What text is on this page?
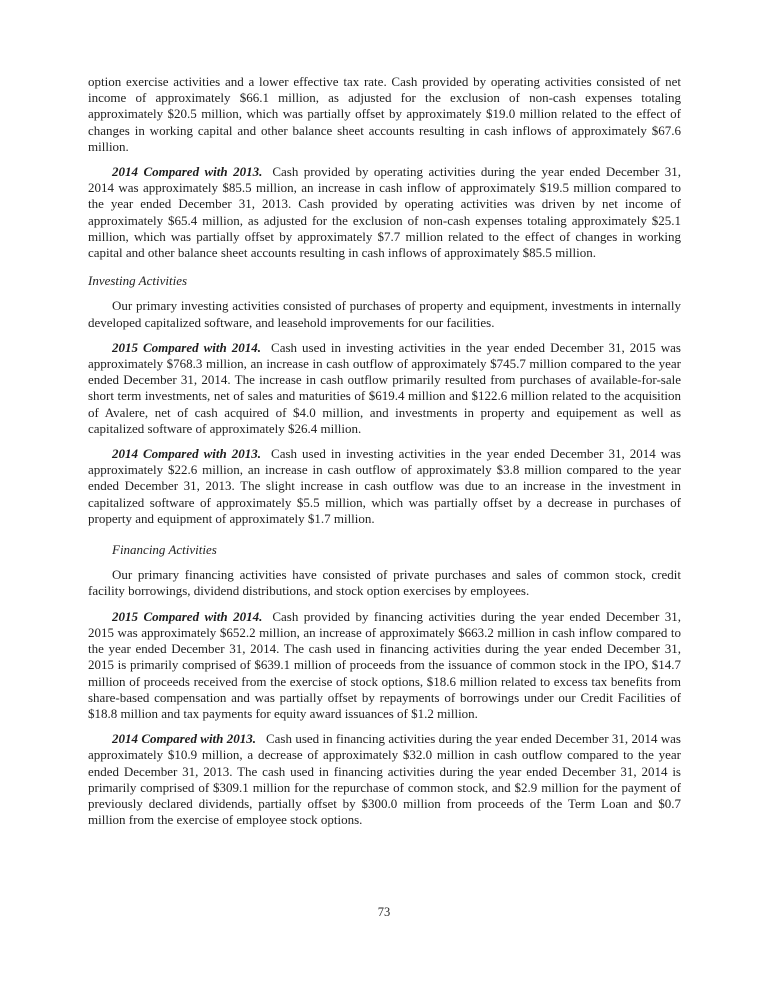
option exercise activities and a lower effective tax rate. Cash provided by operating activities consisted of net income of approximately $66.1 million, as adjusted for the exclusion of non-cash expenses totaling approximately $20.5 million, which was partially offset by approximately $19.0 million related to the effect of changes in working capital and other balance sheet accounts resulting in cash inflows of approximately $67.6 million.

2014 Compared with 2013. Cash provided by operating activities during the year ended December 31, 2014 was approximately $85.5 million, an increase in cash inflow of approximately $19.5 million compared to the year ended December 31, 2013. Cash provided by operating activities was driven by net income of approximately $65.4 million, as adjusted for the exclusion of non-cash expenses totaling approximately $25.1 million, which was partially offset by approximately $7.7 million related to the effect of changes in working capital and other balance sheet accounts resulting in cash inflows of approximately $85.5 million.

Investing Activities

Our primary investing activities consisted of purchases of property and equipment, investments in internally developed capitalized software, and leasehold improvements for our facilities.

2015 Compared with 2014. Cash used in investing activities in the year ended December 31, 2015 was approximately $768.3 million, an increase in cash outflow of approximately $745.7 million compared to the year ended December 31, 2014. The increase in cash outflow primarily resulted from purchases of available-for-sale short term investments, net of sales and maturities of $619.4 million and $122.6 million related to the acquisition of Avalere, net of cash acquired of $4.0 million, and investments in property and equipement as well as capitalized software of approximately $26.4 million.

2014 Compared with 2013. Cash used in investing activities in the year ended December 31, 2014 was approximately $22.6 million, an increase in cash outflow of approximately $3.8 million compared to the year ended December 31, 2013. The slight increase in cash outflow was due to an increase in the investment in capitalized software of approximately $5.5 million, which was partially offset by a decrease in purchases of property and equipment of approximately $1.7 million.

Financing Activities

Our primary financing activities have consisted of private purchases and sales of common stock, credit facility borrowings, dividend distributions, and stock option exercises by employees.

2015 Compared with 2014. Cash provided by financing activities during the year ended December 31, 2015 was approximately $652.2 million, an increase of approximately $663.2 million in cash inflow compared to the year ended December 31, 2014. The cash used in financing activities during the year ended December 31, 2015 is primarily comprised of $639.1 million of proceeds from the issuance of common stock in the IPO, $14.7 million of proceeds received from the exercise of stock options, $18.6 million related to excess tax benefits from share-based compensation and was partially offset by repayments of borrowings under our Credit Facilities of $18.8 million and tax payments for equity award issuances of $1.2 million.

2014 Compared with 2013. Cash used in financing activities during the year ended December 31, 2014 was approximately $10.9 million, a decrease of approximately $32.0 million in cash outflow compared to the year ended December 31, 2013. The cash used in financing activities during the year ended December 31, 2014 is primarily comprised of $309.1 million for the repurchase of common stock, and $2.9 million for the payment of previously declared dividends, partially offset by $300.0 million from proceeds of the Term Loan and $0.7 million from the exercise of employee stock options.

73
